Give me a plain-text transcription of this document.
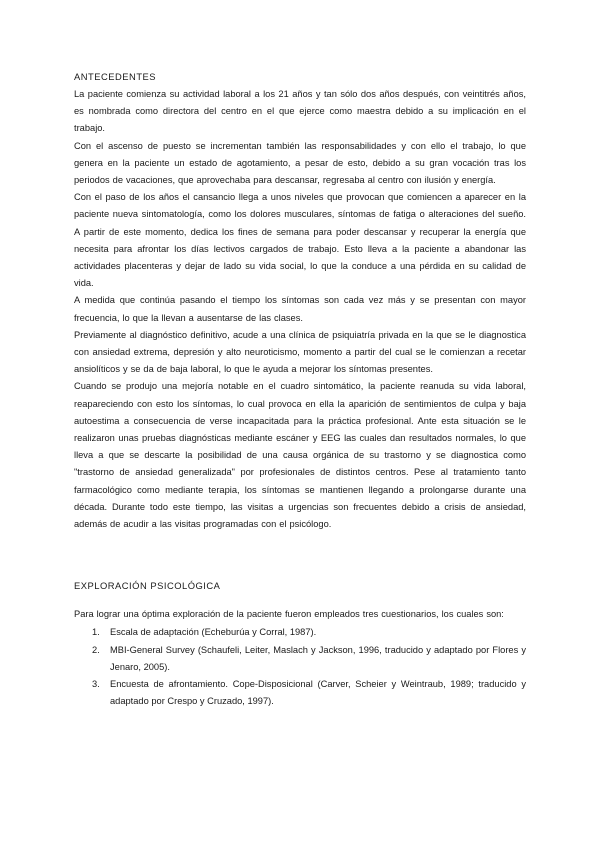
ANTECEDENTES

La paciente comienza su actividad laboral a los 21 años y tan sólo dos años después, con veintitrés años, es nombrada como directora del centro en el que ejerce como maestra debido a su implicación en el trabajo.

Con el ascenso de puesto se incrementan también las responsabilidades y con ello el trabajo, lo que genera en la paciente un estado de agotamiento, a pesar de esto, debido a su gran vocación tras los periodos de vacaciones, que aprovechaba para descansar, regresaba al centro con ilusión y energía.

Con el paso de los años el cansancio llega a unos niveles que provocan que comiencen a aparecer en la paciente nueva sintomatología, como los dolores musculares, síntomas de fatiga o alteraciones del sueño. A partir de este momento, dedica los fines de semana para poder descansar y recuperar la energía que necesita para afrontar los días lectivos cargados de trabajo. Esto lleva a la paciente a abandonar las actividades placenteras y dejar de lado su vida social, lo que la conduce a una pérdida en su calidad de vida.

A medida que continúa pasando el tiempo los síntomas son cada vez más y se presentan con mayor frecuencia, lo que la llevan a ausentarse de las clases.

Previamente al diagnóstico definitivo, acude a una clínica de psiquiatría privada en la que se le diagnostica con ansiedad extrema, depresión y alto neuroticismo, momento a partir del cual se le comienzan a recetar ansiolíticos y se da de baja laboral, lo que le ayuda a mejorar los síntomas presentes.

Cuando se produjo una mejoría notable en el cuadro sintomático, la paciente reanuda su vida laboral, reapareciendo con esto los síntomas, lo cual provoca en ella la aparición de sentimientos de culpa y baja autoestima a consecuencia de verse incapacitada para la práctica profesional. Ante esta situación se le realizaron unas pruebas diagnósticas mediante escáner y EEG las cuales dan resultados normales, lo que lleva a que se descarte la posibilidad de una causa orgánica de su trastorno y se diagnostica como "trastorno de ansiedad generalizada" por profesionales de distintos centros. Pese al tratamiento tanto farmacológico como mediante terapia, los síntomas se mantienen llegando a prolongarse durante una década. Durante todo este tiempo, las visitas a urgencias son frecuentes debido a crisis de ansiedad, además de acudir a las visitas programadas con el psicólogo.

EXPLORACIÓN PSICOLÓGICA

Para lograr una óptima exploración de la paciente fueron empleados tres cuestionarios, los cuales son:

1. Escala de adaptación (Echeburúa y Corral, 1987).
2. MBI-General Survey (Schaufeli, Leiter, Maslach y Jackson, 1996, traducido y adaptado por Flores y Jenaro, 2005).
3. Encuesta de afrontamiento. Cope-Disposicional (Carver, Scheier y Weintraub, 1989; traducido y adaptado por Crespo y Cruzado, 1997).
